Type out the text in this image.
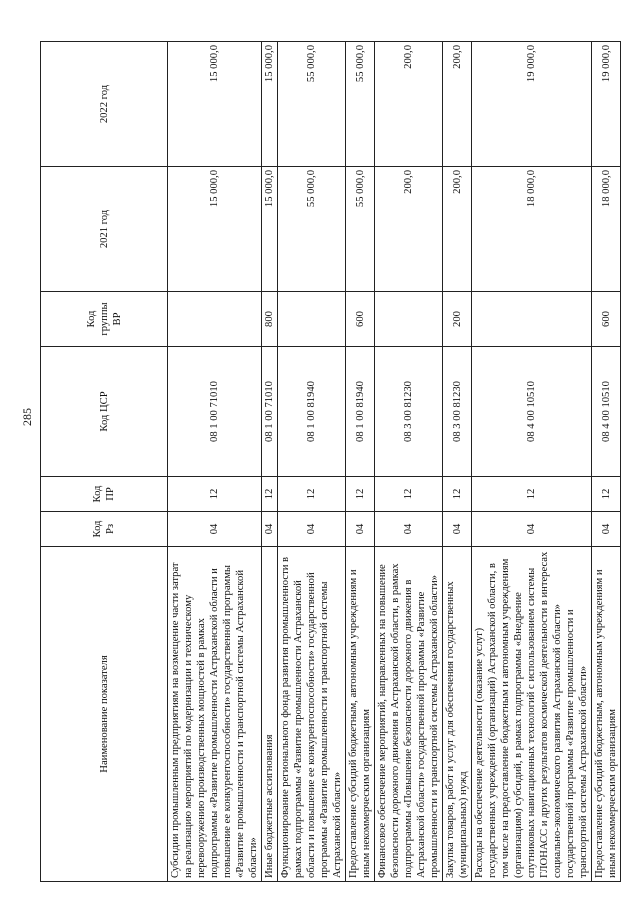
285
Наименование показателя	Код Рз	Код ПР	Код ЦСР	Код группы ВР	2021 год	2022 год
Субсидии промышленным предприятиям на возмещение части затрат на реализацию мероприятий по модернизации и техническому перевооружению производственных мощностей в рамках подпрограммы «Развитие промышленности Астраханской области и повышение ее конкурентоспособности» государственной программы «Развитие промышленности и транспортной системы Астраханской области»	04	12	08 1 00 71010		15 000,0	15 000,0
Иные бюджетные ассигнования	04	12	08 1 00 71010	800	15 000,0	15 000,0
Функционирование регионального фонда развития промышленности в рамках подпрограммы «Развитие промышленности Астраханской области и повышение ее конкурентоспособности» государственной программы «Развитие промышленности и транспортной системы Астраханской области»	04	12	08 1 00 81940		55 000,0	55 000,0
Предоставление субсидий бюджетным, автономным учреждениям и иным некоммерческим организациям	04	12	08 1 00 81940	600	55 000,0	55 000,0
Финансовое обеспечение мероприятий, направленных на повышение безопасности дорожного движения в Астраханской области, в рамках подпрограммы «Повышение безопасности дорожного движения в Астраханской области» государственной программы «Развитие промышленности и транспортной системы Астраханской области»	04	12	08 3 00 81230		200,0	200,0
Закупка товаров, работ и услуг для обеспечения государственных (муниципальных) нужд	04	12	08 3 00 81230	200	200,0	200,0
Расходы на обеспечение деятельности (оказание услуг) государственных учреждений (организаций) Астраханской области, в том числе на предоставление бюджетным и автономным учреждениям (организациям) субсидий, в рамках подпрограммы «Внедрение спутниковых навигационных технологий с использованием системы ГЛОНАСС и других результатов космической деятельности в интересах социально-экономического развития Астраханской области» государственной программы «Развитие промышленности и транспортной системы Астраханской области»	04	12	08 4 00 10510		18 000,0	19 000,0
Предоставление субсидий бюджетным, автономным учреждениям и иным некоммерческим организациям	04	12	08 4 00 10510	600	18 000,0	19 000,0
